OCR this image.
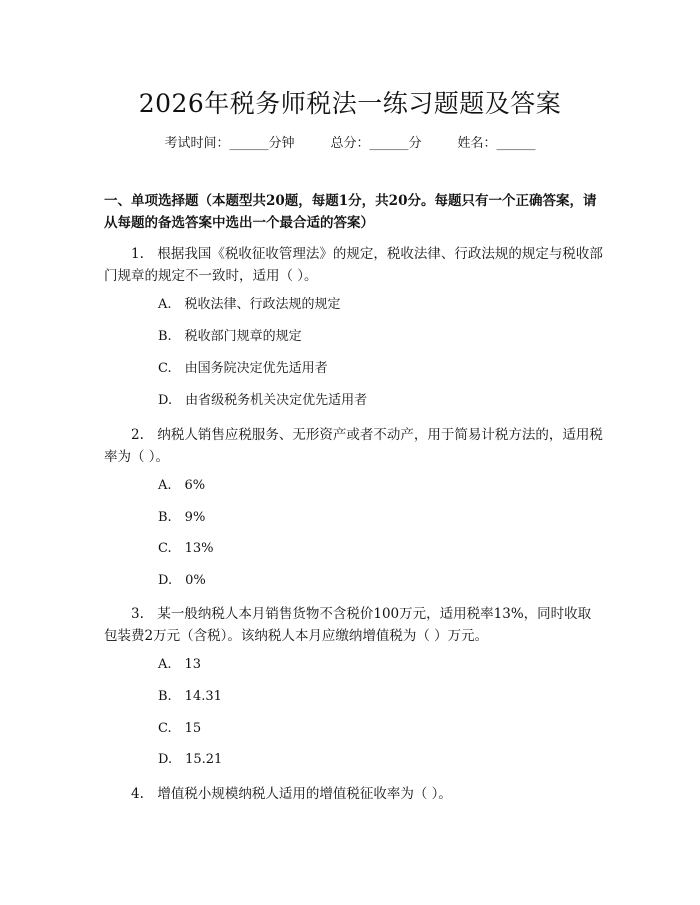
2026年税务师税法一练习题题及答案
考试时间：______分钟	总分：______分	姓名：______
一、单项选择题（本题型共20题，每题1分，共20分。每题只有一个正确答案，请从每题的备选答案中选出一个最合适的答案）
1.　根据我国《税收征收管理法》的规定，税收法律、行政法规的规定与税收部门规章的规定不一致时，适用（ ）。
A.　税收法律、行政法规的规定
B.　税收部门规章的规定
C.　由国务院决定优先适用者
D.　由省级税务机关决定优先适用者
2.　纳税人销售应税服务、无形资产或者不动产，用于简易计税方法的，适用税率为（ ）。
A.　6%
B.　9%
C.　13%
D.　0%
3.　某一般纳税人本月销售货物不含税价100万元，适用税率13%，同时收取包装费2万元（含税）。该纳税人本月应缴纳增值税为（ ）万元。
A.　13
B.　14.31
C.　15
D.　15.21
4.　增值税小规模纳税人适用的增值税征收率为（ ）。
